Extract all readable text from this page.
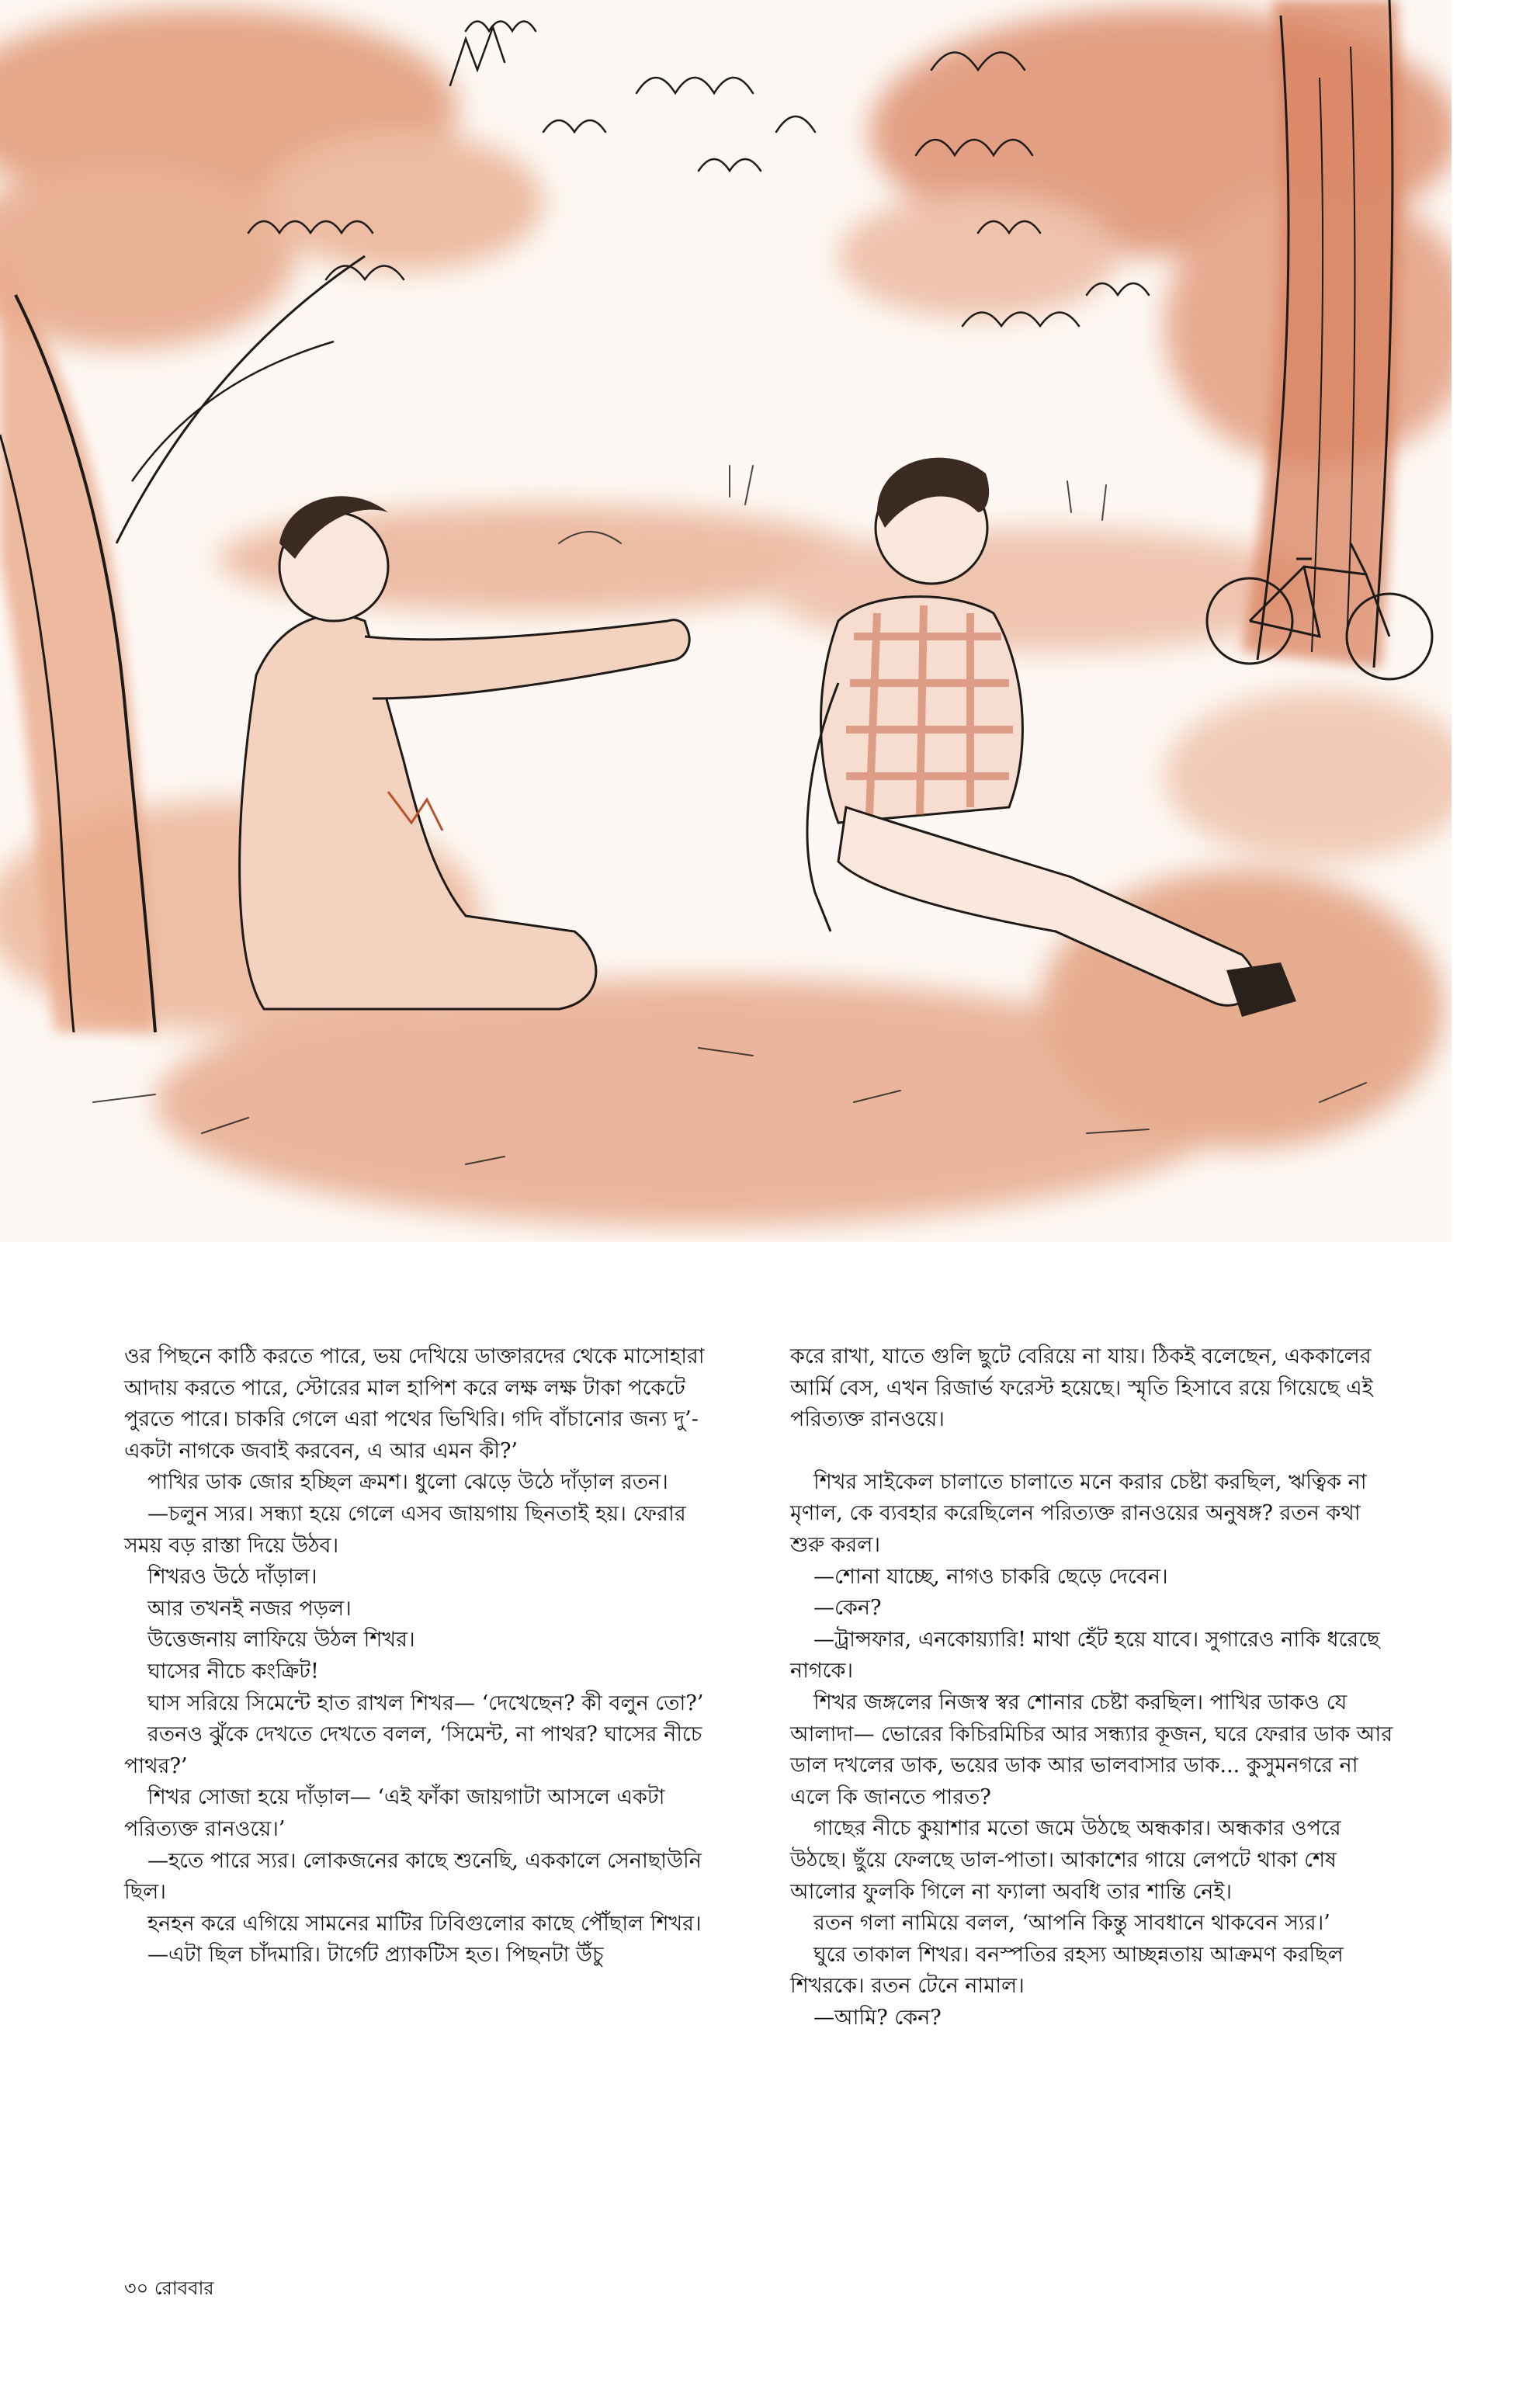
ওর পিছনে কাঠি করতে পারে, ভয় দেখিয়ে ডাক্তারদের থেকে মাসোহারা আদায় করতে পারে, স্টোরের মাল হাপিশ করে লক্ষ লক্ষ টাকা পকেটে পুরতে পারে। চাকরি গেলে এরা পথের ভিখিরি। গদি বাঁচানোর জন্য দু’-একটা নাগকে জবাই করবেন, এ আর এমন কী?’

পাখির ডাক জোর হচ্ছিল ক্রমশ। ধুলো ঝেড়ে উঠে দাঁড়াল রতন।

—চলুন স্যর। সন্ধ্যা হয়ে গেলে এসব জায়গায় ছিনতাই হয়। ফেরার সময় বড় রাস্তা দিয়ে উঠব।

শিখরও উঠে দাঁড়াল।

আর তখনই নজর পড়ল।

উত্তেজনায় লাফিয়ে উঠল শিখর।

ঘাসের নীচে কংক্রিট!

ঘাস সরিয়ে সিমেন্টে হাত রাখল শিখর— ‘দেখেছেন? কী বলুন তো?’

রতনও ঝুঁকে দেখতে দেখতে বলল, ‘সিমেন্ট, না পাথর? ঘাসের নীচে পাথর?’

শিখর সোজা হয়ে দাঁড়াল— ‘এই ফাঁকা জায়গাটা আসলে একটা পরিত্যক্ত রানওয়ে।’

—হতে পারে স্যর। লোকজনের কাছে শুনেছি, এককালে সেনাছাউনি ছিল।

হনহন করে এগিয়ে সামনের মাটির ঢিবিগুলোর কাছে পৌঁছাল শিখর।

—এটা ছিল চাঁদমারি। টার্গেট প্র্যাকটিস হত। পিছনটা উঁচু

করে রাখা, যাতে গুলি ছুটে বেরিয়ে না যায়। ঠিকই বলেছেন, এককালের আর্মি বেস, এখন রিজার্ভ ফরেস্ট হয়েছে। স্মৃতি হিসাবে রয়ে গিয়েছে এই পরিত্যক্ত রানওয়ে।

শিখর সাইকেল চালাতে চালাতে মনে করার চেষ্টা করছিল, ঋত্বিক না মৃণাল, কে ব্যবহার করেছিলেন পরিত্যক্ত রানওয়ের অনুষঙ্গ? রতন কথা শুরু করল।

—শোনা যাচ্ছে, নাগও চাকরি ছেড়ে দেবেন।

—কেন?

—ট্রান্সফার, এনকোয়্যারি! মাথা হেঁট হয়ে যাবে। সুগারেও নাকি ধরেছে নাগকে।

শিখর জঙ্গলের নিজস্ব স্বর শোনার চেষ্টা করছিল। পাখির ডাকও যে আলাদা— ভোরের কিচিরমিচির আর সন্ধ্যার কূজন, ঘরে ফেরার ডাক আর ডাল দখলের ডাক, ভয়ের ডাক আর ভালবাসার ডাক... কুসুমনগরে না এলে কি জানতে পারত?

গাছের নীচে কুয়াশার মতো জমে উঠছে অন্ধকার। অন্ধকার ওপরে উঠছে। ছুঁয়ে ফেলছে ডাল-পাতা। আকাশের গায়ে লেপটে থাকা শেষ আলোর ফুলকি গিলে না ফ্যালা অবধি তার শান্তি নেই।

রতন গলা নামিয়ে বলল, ‘আপনি কিন্তু সাবধানে থাকবেন স্যর।’

ঘুরে তাকাল শিখর। বনস্পতির রহস্য আচ্ছন্নতায় আক্রমণ করছিল শিখরকে। রতন টেনে নামাল।

—আমি? কেন?

৩০ রোববার
